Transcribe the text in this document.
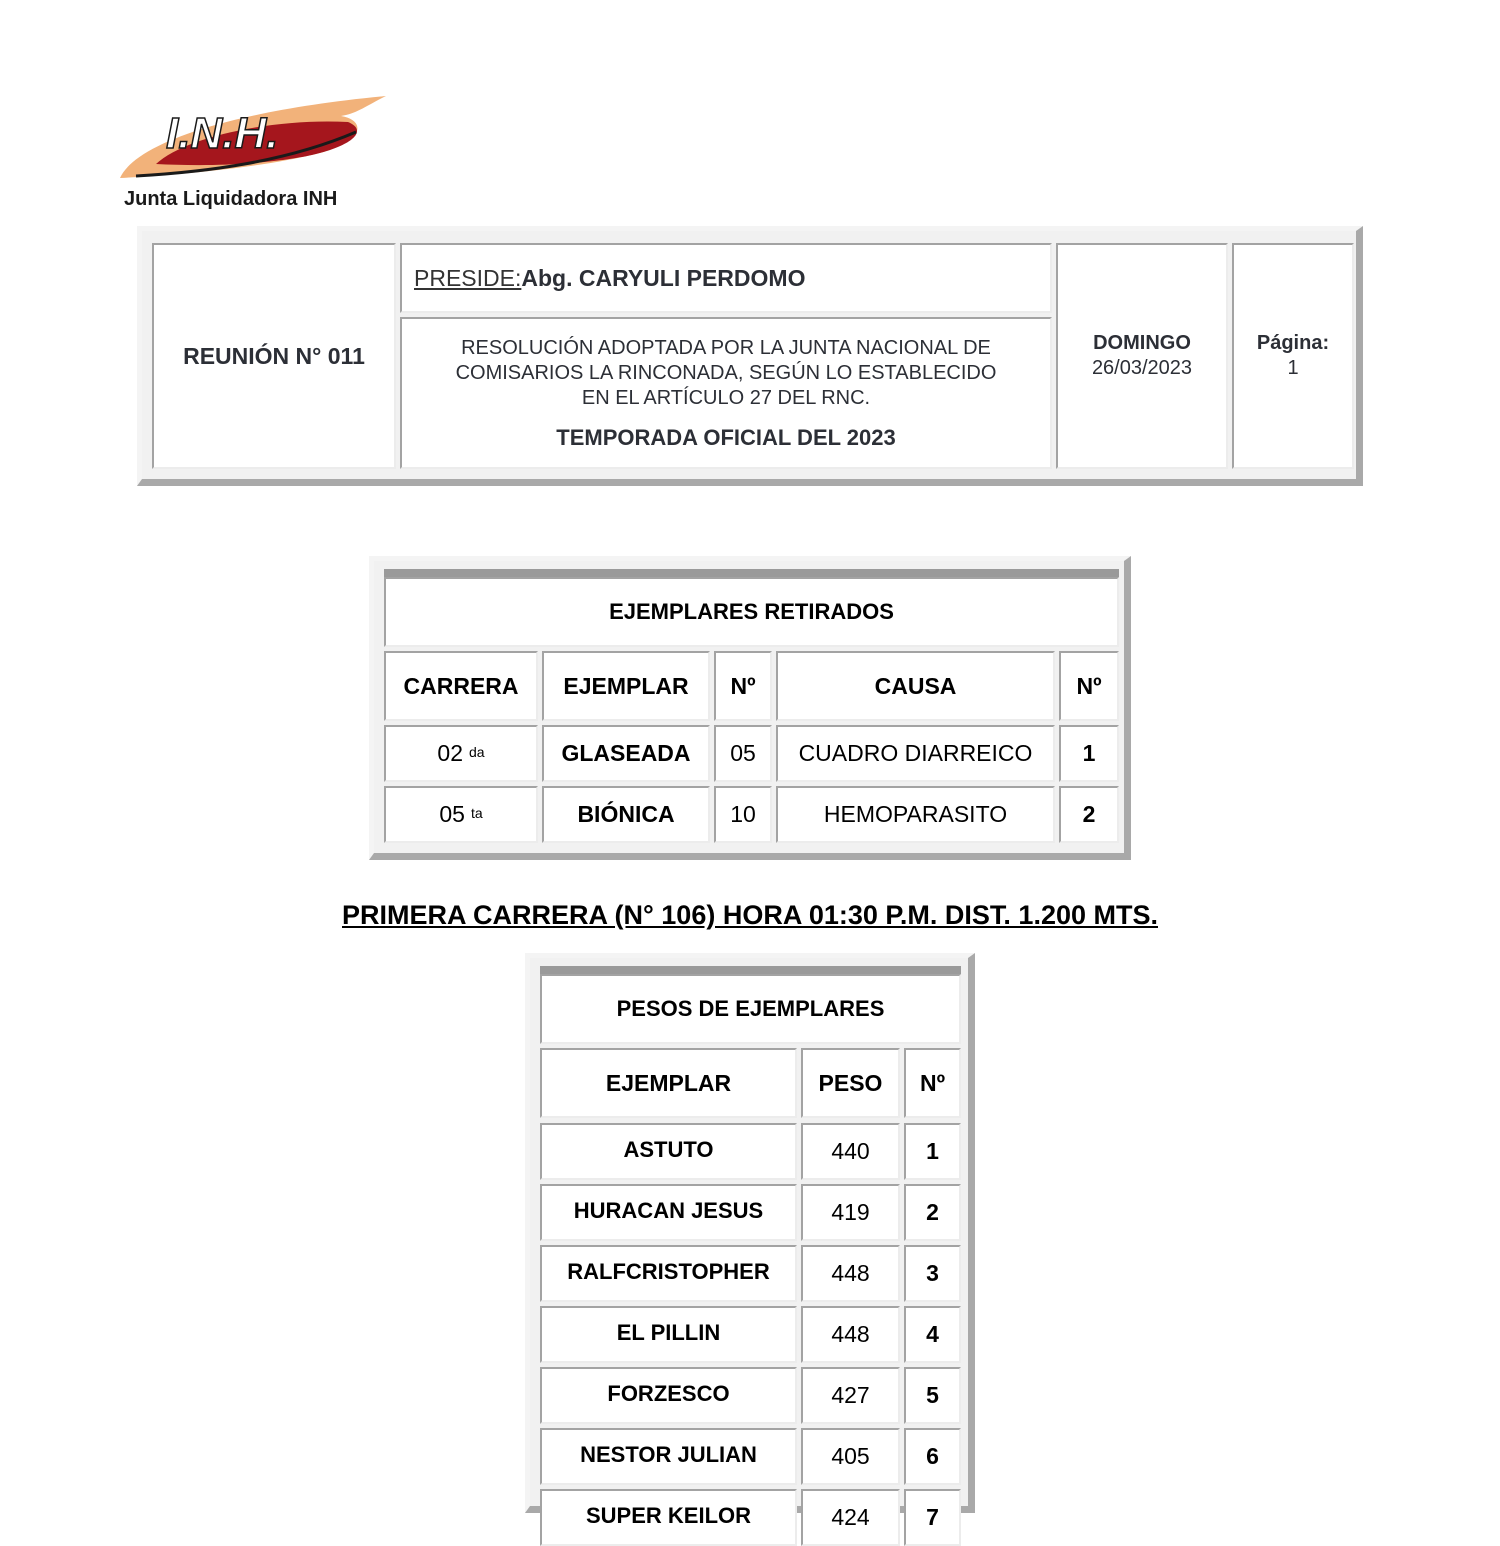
I.N.H.
Junta Liquidadora INH
REUNIÓN N° 011
PRESIDE: Abg. CARYULI PERDOMO
RESOLUCIÓN ADOPTADA POR LA JUNTA NACIONAL DE
COMISARIOS LA RINCONADA, SEGÚN LO ESTABLECIDO
EN EL ARTÍCULO 27 DEL RNC.
TEMPORADA OFICIAL DEL 2023
DOMINGO
26/03/2023
Página:
1
EJEMPLARES RETIRADOS
CARRERA	EJEMPLAR	Nº	CAUSA	Nº
02 $^{da}$	GLASEADA	05	CUADRO DIARREICO	1
05 $^{ta}$	BIÓNICA	10	HEMOPARASITO	2
PRIMERA CARRERA (N° 106) HORA 01:30 P.M. DIST. 1.200 MTS.
PESOS DE EJEMPLARES
EJEMPLAR	PESO	Nº
ASTUTO	440	1
HURACAN JESUS	419	2
RALFCRISTOPHER	448	3
EL PILLIN	448	4
FORZESCO	427	5
NESTOR JULIAN	405	6
SUPER KEILOR	424	7
